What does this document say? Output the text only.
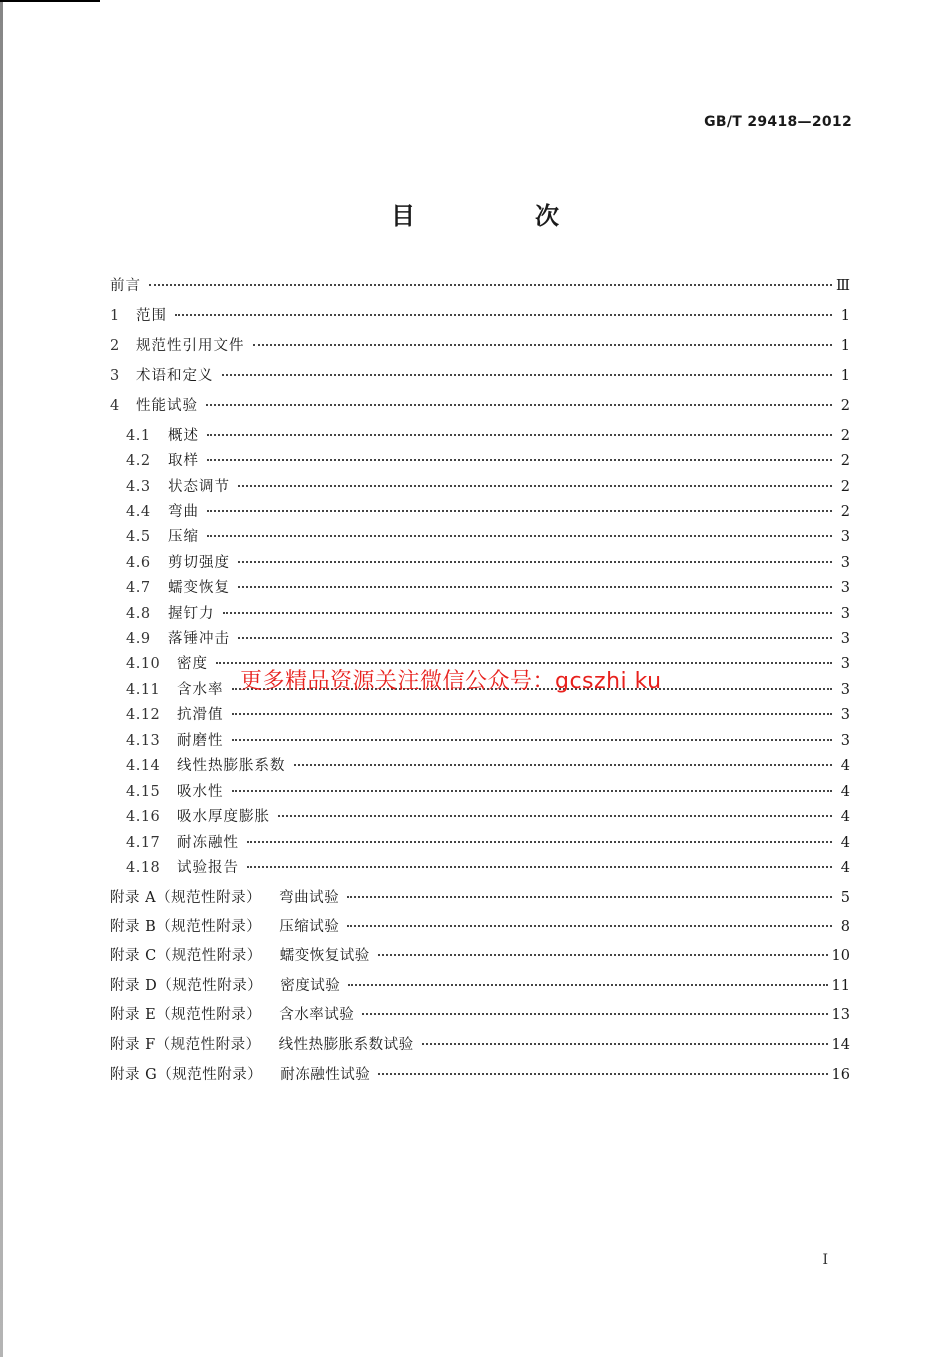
GB/T 29418—2012
目　次
前言	Ⅲ
1	范围	1
2	规范性引用文件	1
3	术语和定义	1
4	性能试验	2
4.1	概述	2
4.2	取样	2
4.3	状态调节	2
4.4	弯曲	2
4.5	压缩	3
4.6	剪切强度	3
4.7	蠕变恢复	3
4.8	握钉力	3
4.9	落锤冲击	3
4.10	密度	3
4.11	含水率	3
4.12	抗滑值	3
4.13	耐磨性	3
4.14	线性热膨胀系数	4
4.15	吸水性	4
4.16	吸水厚度膨胀	4
4.17	耐冻融性	4
4.18	试验报告	4
附录 A（规范性附录）	弯曲试验	5
附录 B（规范性附录）	压缩试验	8
附录 C（规范性附录）	蠕变恢复试验	10
附录 D（规范性附录）	密度试验	11
附录 E（规范性附录）	含水率试验	13
附录 F（规范性附录）	线性热膨胀系数试验	14
附录 G（规范性附录）	耐冻融性试验	16
更多精品资源关注微信公众号：gcszhi ku
I
